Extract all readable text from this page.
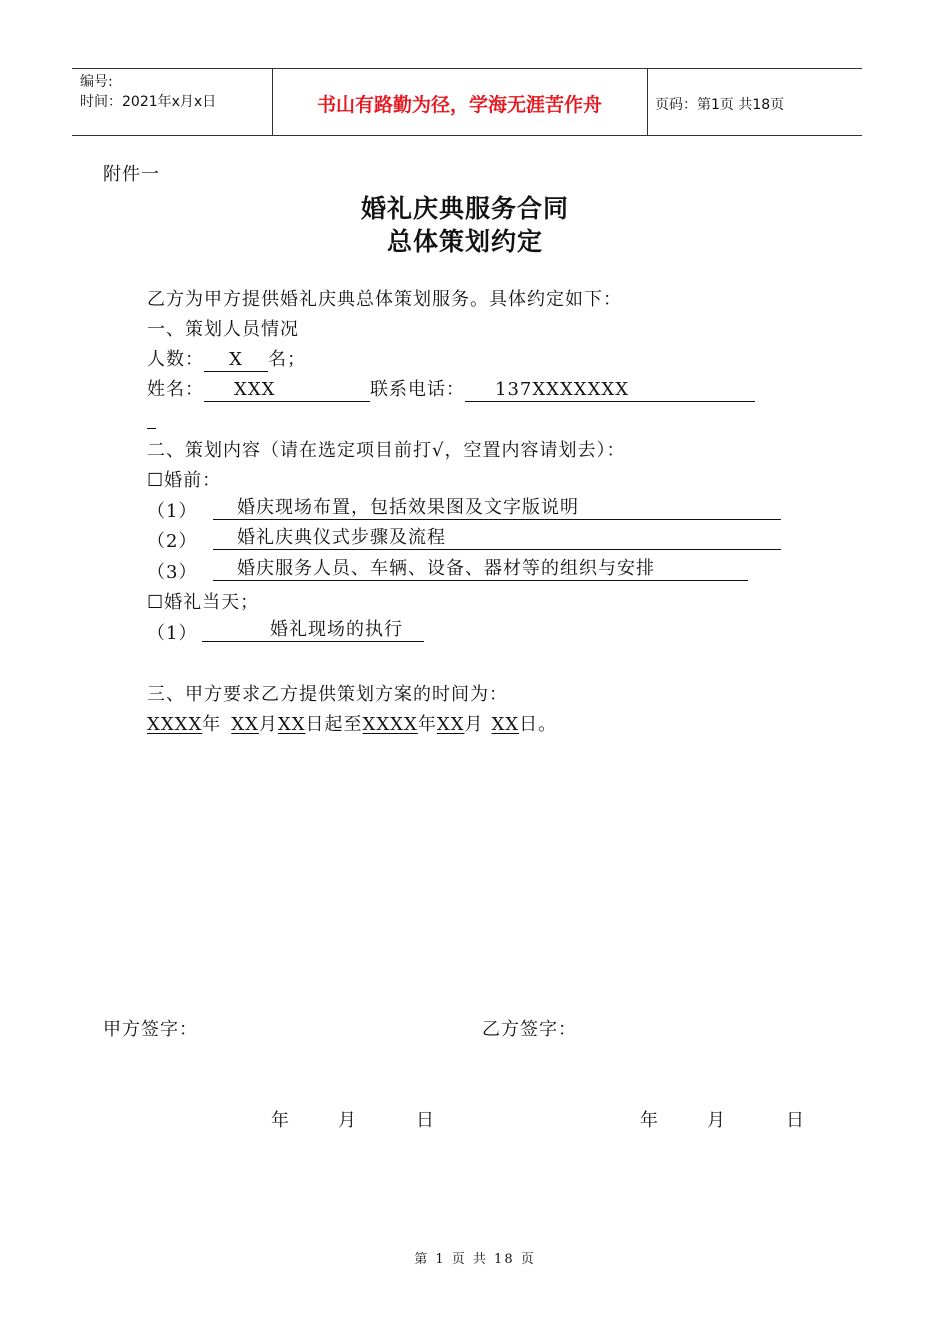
编号:
时间：2021年x月x日	书山有路勤为径，学海无涯苦作舟	页码：第1页 共18页
附件一
婚礼庆典服务合同
总体策划约定
乙方为甲方提供婚礼庆典总体策划服务。具体约定如下：
一、策划人员情况
人数： X 名；
姓名： XXX	联系电话： 137XXXXXXX
二、策划内容（请在选定项目前打√，空置内容请划去）：
☐婚前：
（1）	婚庆现场布置，包括效果图及文字版说明
（2）	婚礼庆典仪式步骤及流程
（3）	婚庆服务人员、车辆、设备、器材等的组织与安排
☐婚礼当天；
（1）	婚礼现场的执行
三、甲方要求乙方提供策划方案的时间为：
XXXX年 XX月XX日起至XXXX年XX月 XX日。
甲方签字：	乙方签字：
年	月	日	年	月	日
第 1 页 共 18 页
